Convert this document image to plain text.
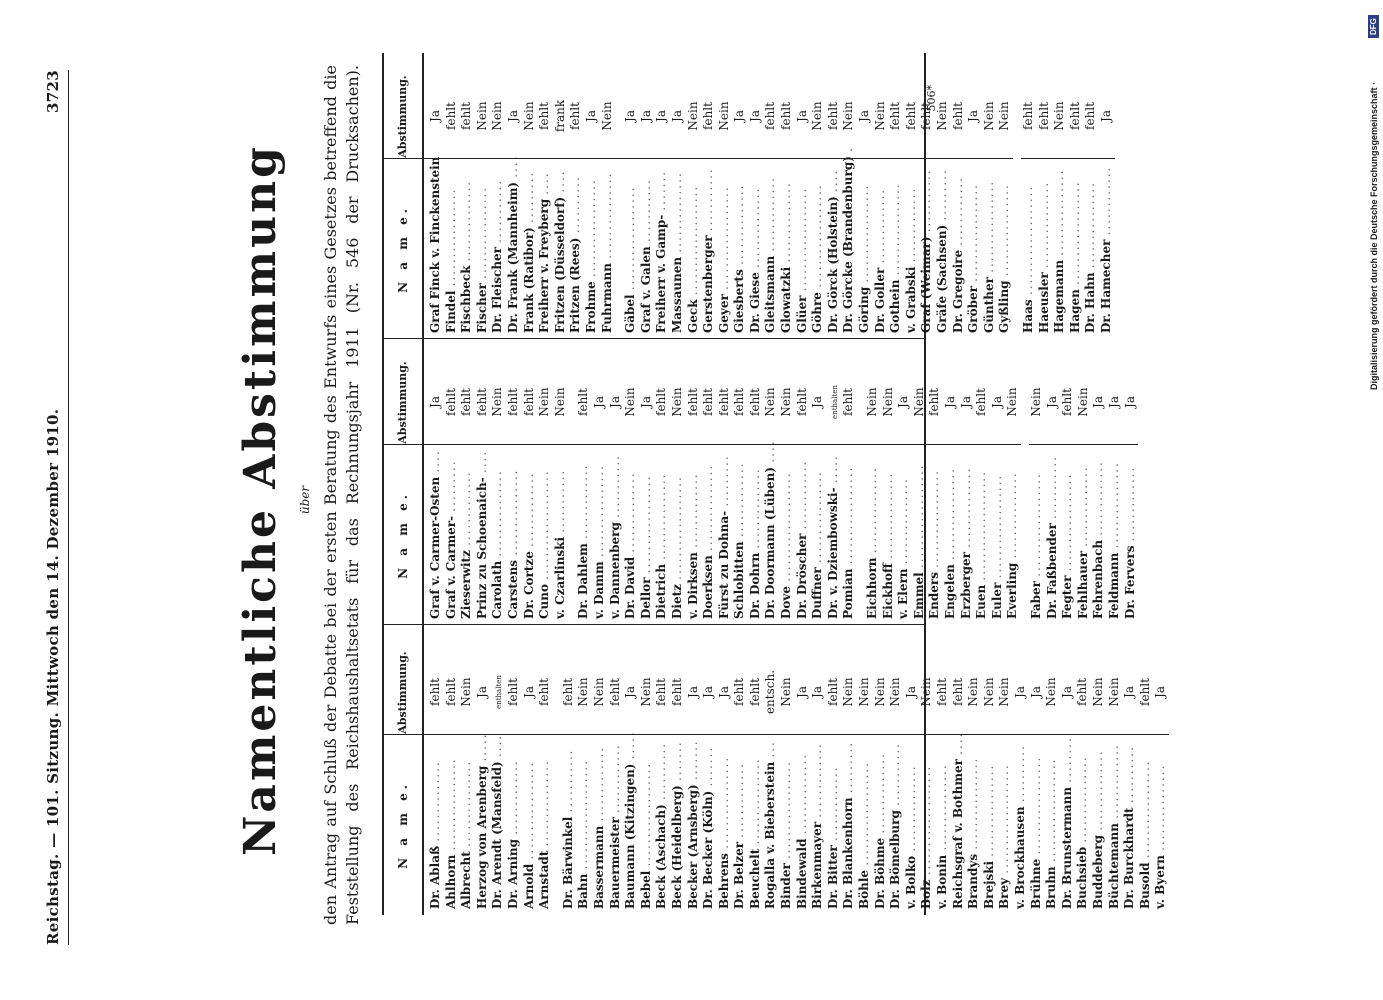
Reichstag. — 101. Sitzung. Mittwoch den 14. Dezember 1910.
3723
Namentliche Abstimmung über den Antrag auf Schluß der Debatte bei der ersten Beratung des Entwurfs eines Gesetzes betreffend die Feststellung des Reichshaushaltsetats für das Rechnungsjahr 1911 (Nr. 546 der Drucksachen).	N a m e.
Abstimmung.
Dr. Ablaß ..............
fehlt
Ahlhorn ................
fehlt
Albrecht ...............
Nein
Herzog von Arenberg .....
Ja
Dr. Arendt (Mansfeld) ....
enthalten
Dr. Arning .............
fehlt
Arnold .................
Ja
Arnstadt ...............
fehlt
Dr. Bärwinkel ...........
fehlt
Bahn ...................
Nein
Bassermann .............
Nein
Bauermeister ............
fehlt
Baumann (Kitzingen) .....
Ja
Bebel ..................
Nein
Beck (Aschach) ..........
fehlt
Beck (Heidelberg) .......
fehlt
Becker (Arnsberg) .......
Ja
Dr. Becker (Köln) .......
Ja
Behrens ................
Ja
Dr. Belzer .............
fehlt
Beuchelt ...............
fehlt
Rogalla v. Bieberstein ...
entsch.
Binder .................
Nein
Bindewald ..............
Ja
Birkenmayer .............
Ja
Dr. Bitter .............
fehlt
Dr. Blankenhorn .........
Nein
Böhle ..................
Nein
Dr. Böhme ..............
Nein
Dr. Bömelburg ...........
Nein
v. Bolko ...............
Ja
Bolz ...................
Nein
v. Bonin ...............
fehlt
Reichsgraf v. Bothmer ....
fehlt
Brandys ................
Nein
Brejski ................
Nein
Brey ...................
Nein
v. Brockhausen ..........
Ja
Brühne .................
Ja
Bruhn ..................
Nein
Dr. Brunstermann ........
Ja
Buchsieb ...............
fehlt
Buddeberg ..............
Nein
Büchtemann .............
Nein
Dr. Burckhardt ..........
Ja
Busold .................
fehlt
v. Byern ...............
Ja
N a m e.
Abstimmung.
Graf v. Carmer-Osten ....
Ja
Graf v. Carmer- .........
fehlt
Zieserwitz .............
fehlt
Prinz zu Schoenaich- ....
fehlt
Carolath ...............
Nein
Carstens ...............
fehlt
Dr. Cortze .............
fehlt
Cuno ...................
Nein
v. Czarlinski ...........
Nein
Dr. Dahlem .............
fehlt
v. Damm ................
Ja
v. Dannenberg ...........
Ja
Dr. David ..............
Nein
Dellor .................
Ja
Dietrich ...............
fehlt
Dietz ..................
Nein
v. Dirksen .............
fehlt
Doerksen ...............
fehlt
Fürst zu Dohna- .........
fehlt
Schlobitten .............
fehlt
Dr. Dohrn ..............
fehlt
Dr. Doormann (Lüben) ....
Nein
Dove ...................
Nein
Dr. Dröscher ............
fehlt
Duffner ................
Ja
Dr. v. Dziembowski- .....
enthalten
Pomian .................
fehlt
Eichhorn ...............
Nein
Eickhoff ...............
Nein
v. Elern ...............
Ja
Emmel ..................
Nein
Enders .................
fehlt
Engelen ................
Ja
Erzberger ..............
Ja
Euen ...................
fehlt
Euler ..................
Ja
Everling ...............
Nein
Faber ..................
Nein
Dr. Faßbender ...........
Ja
Fegter .................
fehlt
Fehlhauer ..............
Nein
Fehrenbach .............
Ja
Feldmann ...............
Ja
Dr. Fervers .............
Ja
N a m e.
Abstimmung.
Graf Finck v. Finckenstein
Ja
Findel .................
fehlt
Fischbeck ..............
fehlt
Fischer ................
Nein
Dr. Fleischer ...........
Nein
Dr. Frank (Mannheim) ....
Ja
Frank (Ratibor) .........
Nein
Freiherr v. Freyberg ....
fehlt
Fritzen (Düsseldorf) ....
frank
Fritzen (Rees) ..........
fehlt
Frohme .................
Ja
Fuhrmann ...............
Nein
Gäbel ..................
Ja
Graf v. Galen ...........
Ja
Freiherr v. Gamp- .......
Ja
Massaunen ..............
Ja
Geck ...................
Nein
Gerstenberger ...........
fehlt
Geyer ..................
Nein
Giesberts ..............
Ja
Dr. Giese ..............
Ja
Gleitsmann .............
fehlt
Glowatzki ..............
fehlt
Glüer ..................
Ja
Göhre ..................
Nein
Dr. Görck (Holstein) ....
fehlt
Dr. Görcke (Brandenburg) .
Nein
Göring .................
Ja
Dr. Goller .............
Nein
Gothein ................
fehlt
v. Grabski .............
fehlt
Graf (Weimar) ...........
fehlt
Gräfe (Sachsen) .........
Nein
Dr. Gregoire ............
fehlt
Gröber .................
Ja
Günther ................
Nein
Gyßling ................
Nein
Haas ...................
fehlt
Haeusler ...............
fehlt
Hagemann ...............
Nein
Hagen ..................
fehlt
Dr. Hahn ...............
fehlt
Dr. Hamecher ............
Ja
506*	Digitalisierung gefördert durch die Deutsche Forschungsgemeinschaft ·
DFG
